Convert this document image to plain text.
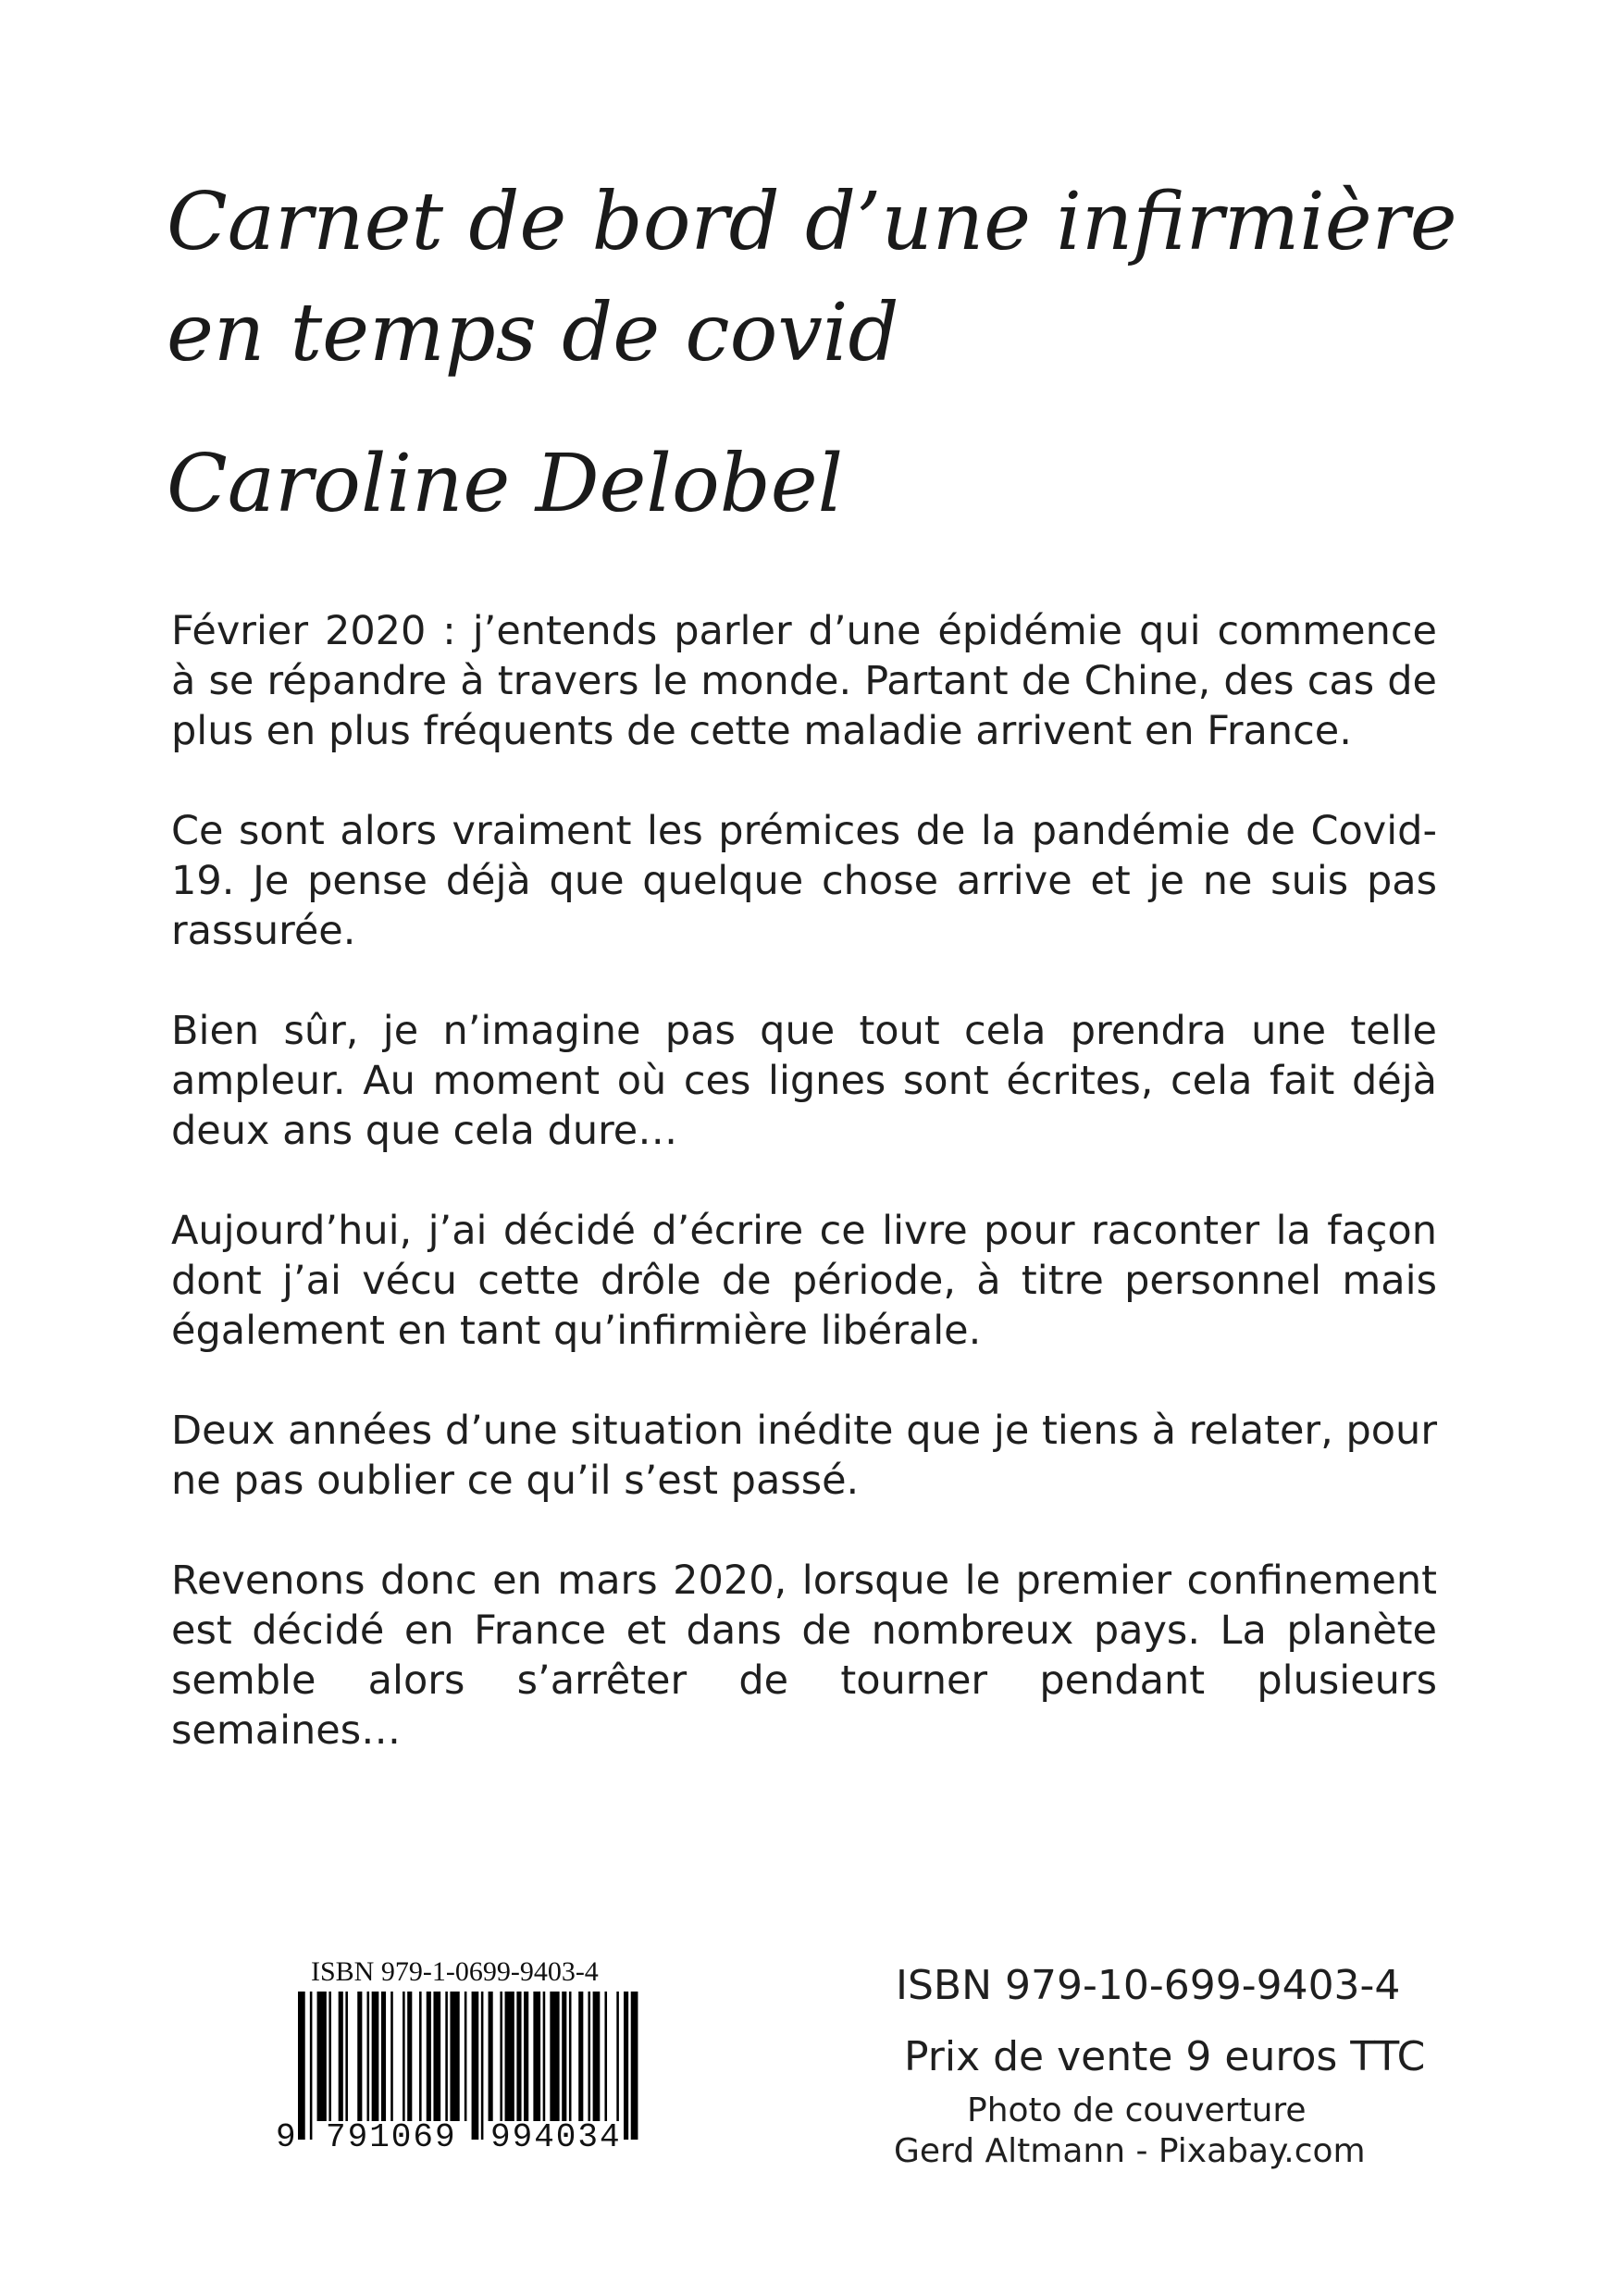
Carnet de bord d’une infirmière
en temps de covid
Caroline Delobel

Février 2020 : j’entends parler d’une épidémie qui commence à se répandre à travers le monde. Partant de Chine, des cas de plus en plus fréquents de cette maladie arrivent en France.

Ce sont alors vraiment les prémices de la pandémie de Covid-19. Je pense déjà que quelque chose arrive et je ne suis pas rassurée.

Bien sûr, je n’imagine pas que tout cela prendra une telle ampleur. Au moment où ces lignes sont écrites, cela fait déjà deux ans que cela dure…

Aujourd’hui, j’ai décidé d’écrire ce livre pour raconter la façon dont j’ai vécu cette drôle de période, à titre personnel mais également en tant qu’infirmière libérale.

Deux années d’une situation inédite que je tiens à relater, pour ne pas oublier ce qu’il s’est passé.

Revenons donc en mars 2020, lorsque le premier confinement est décidé en France et dans de nombreux pays. La planète semble alors s’arrêter de tourner pendant plusieurs semaines…

ISBN 979-1-0699-9403-4
9 791069 994034
ISBN 979-10-699-9403-4
Prix de vente 9 euros TTC
Photo de couverture
Gerd Altmann - Pixabay.com
